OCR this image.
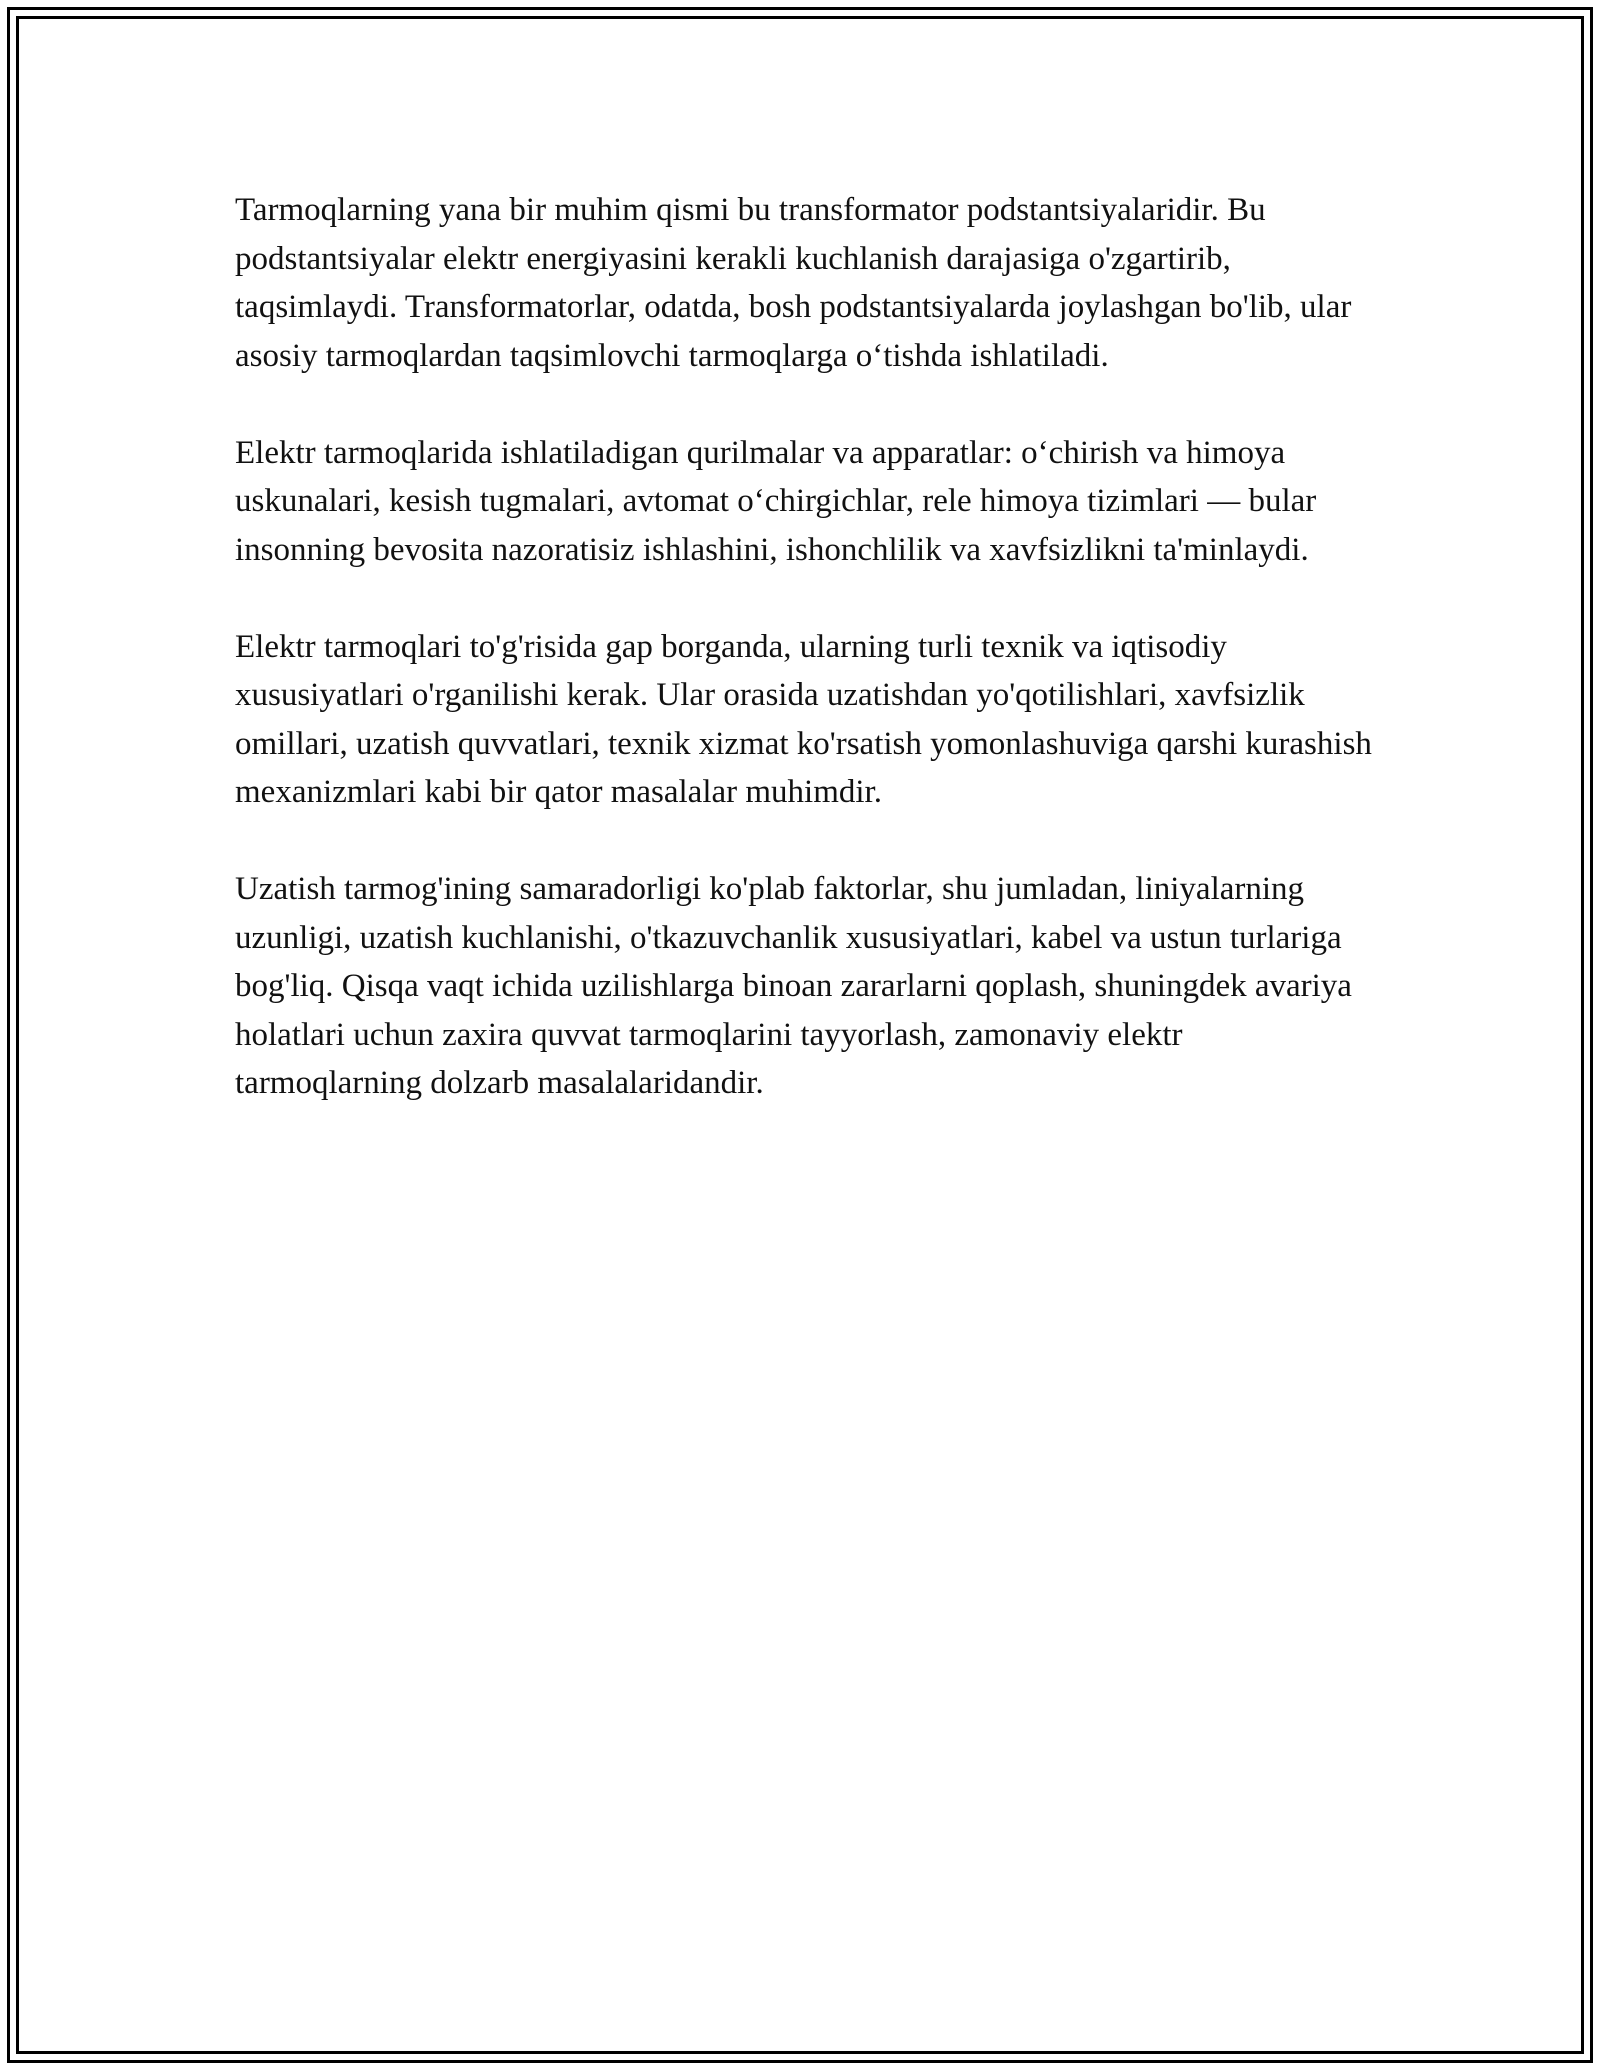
Tarmoqlarning yana bir muhim qismi bu transformator podstantsiyalaridir. Bu podstantsiyalar elektr energiyasini kerakli kuchlanish darajasiga o'zgartirib, taqsimlaydi. Transformatorlar, odatda, bosh podstantsiyalarda joylashgan bo'lib, ular asosiy tarmoqlardan taqsimlovchi tarmoqlarga o‘tishda ishlatiladi.

Elektr tarmoqlarida ishlatiladigan qurilmalar va apparatlar: o‘chirish va himoya uskunalari, kesish tugmalari, avtomat o‘chirgichlar, rele himoya tizimlari — bular insonning bevosita nazoratisiz ishlashini, ishonchlilik va xavfsizlikni ta'minlaydi.

Elektr tarmoqlari to'g'risida gap borganda, ularning turli texnik va iqtisodiy xususiyatlari o'rganilishi kerak. Ular orasida uzatishdan yo'qotilishlari, xavfsizlik omillari, uzatish quvvatlari, texnik xizmat ko'rsatish yomonlashuviga qarshi kurashish mexanizmlari kabi bir qator masalalar muhimdir.

Uzatish tarmog'ining samaradorligi ko'plab faktorlar, shu jumladan, liniyalarning uzunligi, uzatish kuchlanishi, o'tkazuvchanlik xususiyatlari, kabel va ustun turlariga bog'liq. Qisqa vaqt ichida uzilishlarga binoan zararlarni qoplash, shuningdek avariya holatlari uchun zaxira quvvat tarmoqlarini tayyorlash, zamonaviy elektr tarmoqlarning dolzarb masalalaridandir.
